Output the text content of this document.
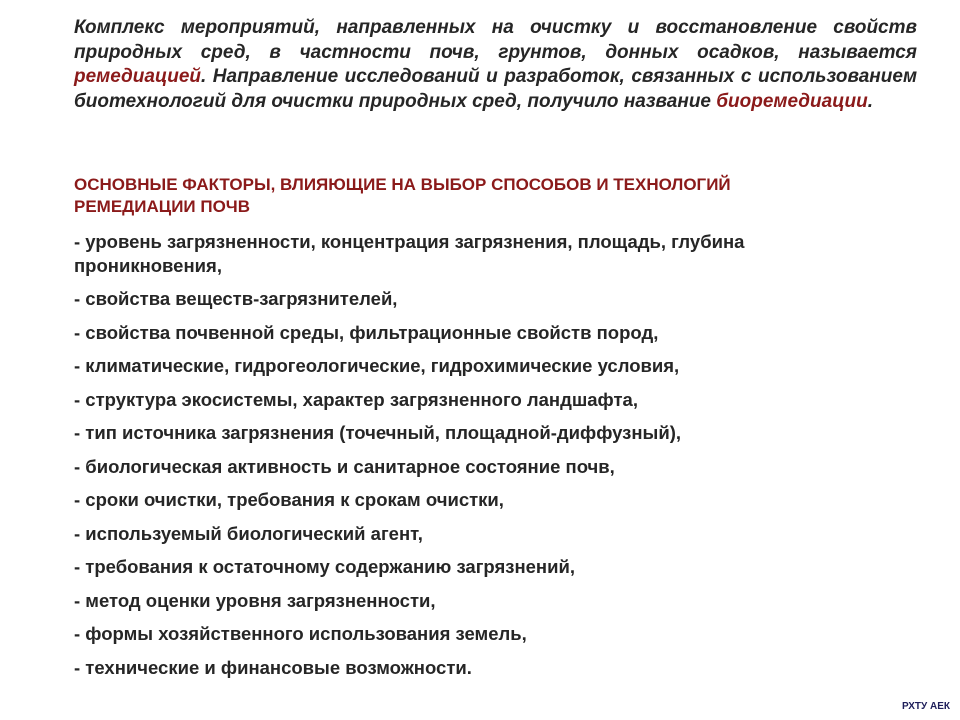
Комплекс мероприятий, направленных на очистку и восстановление свойств природных сред, в частности почв, грунтов, донных осадков, называется ремедиацией. Направление исследований и разработок, связанных с использованием биотехнологий для очистки природных сред, получило название биоремедиации.

ОСНОВНЫЕ ФАКТОРЫ, ВЛИЯЮЩИЕ НА ВЫБОР СПОСОБОВ И ТЕХНОЛОГИЙ РЕМЕДИАЦИИ ПОЧВ
- уровень загрязненности, концентрация загрязнения, площадь, глубина проникновения,
- свойства веществ-загрязнителей,
- свойства почвенной среды, фильтрационные свойств пород,
- климатические, гидрогеологические, гидрохимические условия,
- структура экосистемы, характер загрязненного ландшафта,
- тип источника загрязнения (точечный, площадной-диффузный),
- биологическая активность и санитарное состояние почв,
- сроки очистки, требования к срокам очистки,
- используемый биологический агент,
- требования к остаточному содержанию загрязнений,
- метод оценки уровня загрязненности,
- формы хозяйственного использования земель,
- технические и финансовые возможности.

РХТУ АЕК
